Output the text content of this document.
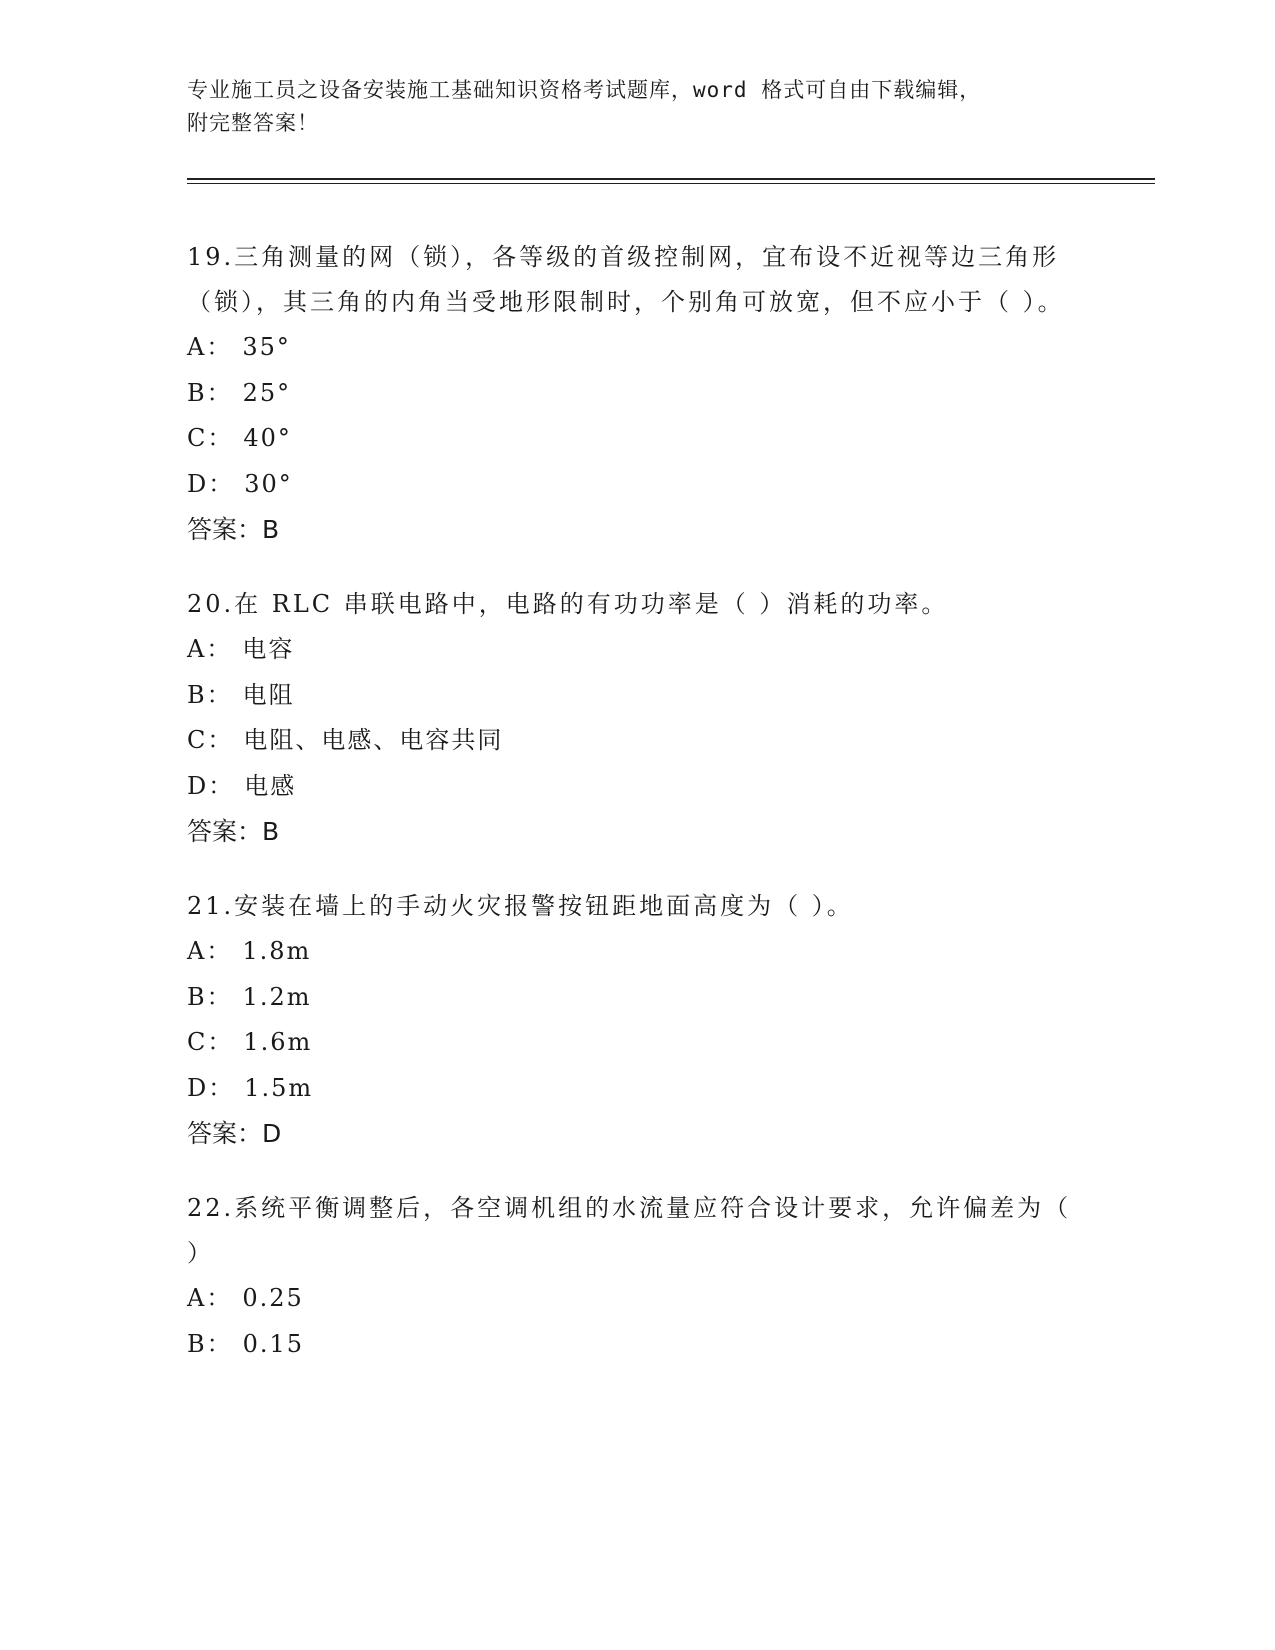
专业施工员之设备安装施工基础知识资格考试题库，word 格式可自由下载编辑，
附完整答案！
19.三角测量的网（锁），各等级的首级控制网，宜布设不近视等边三角形（锁），其三角的内角当受地形限制时，个别角可放宽，但不应小于（ ）。
A： 35°
B： 25°
C： 40°
D： 30°
答案：B
20.在 RLC 串联电路中，电路的有功功率是（ ）消耗的功率。
A： 电容
B： 电阻
C： 电阻、电感、电容共同
D： 电感
答案：B
21.安装在墙上的手动火灾报警按钮距地面高度为（ ）。
A： 1.8m
B： 1.2m
C： 1.6m
D： 1.5m
答案：D
22.系统平衡调整后，各空调机组的水流量应符合设计要求，允许偏差为（ ）
A： 0.25
B： 0.15
